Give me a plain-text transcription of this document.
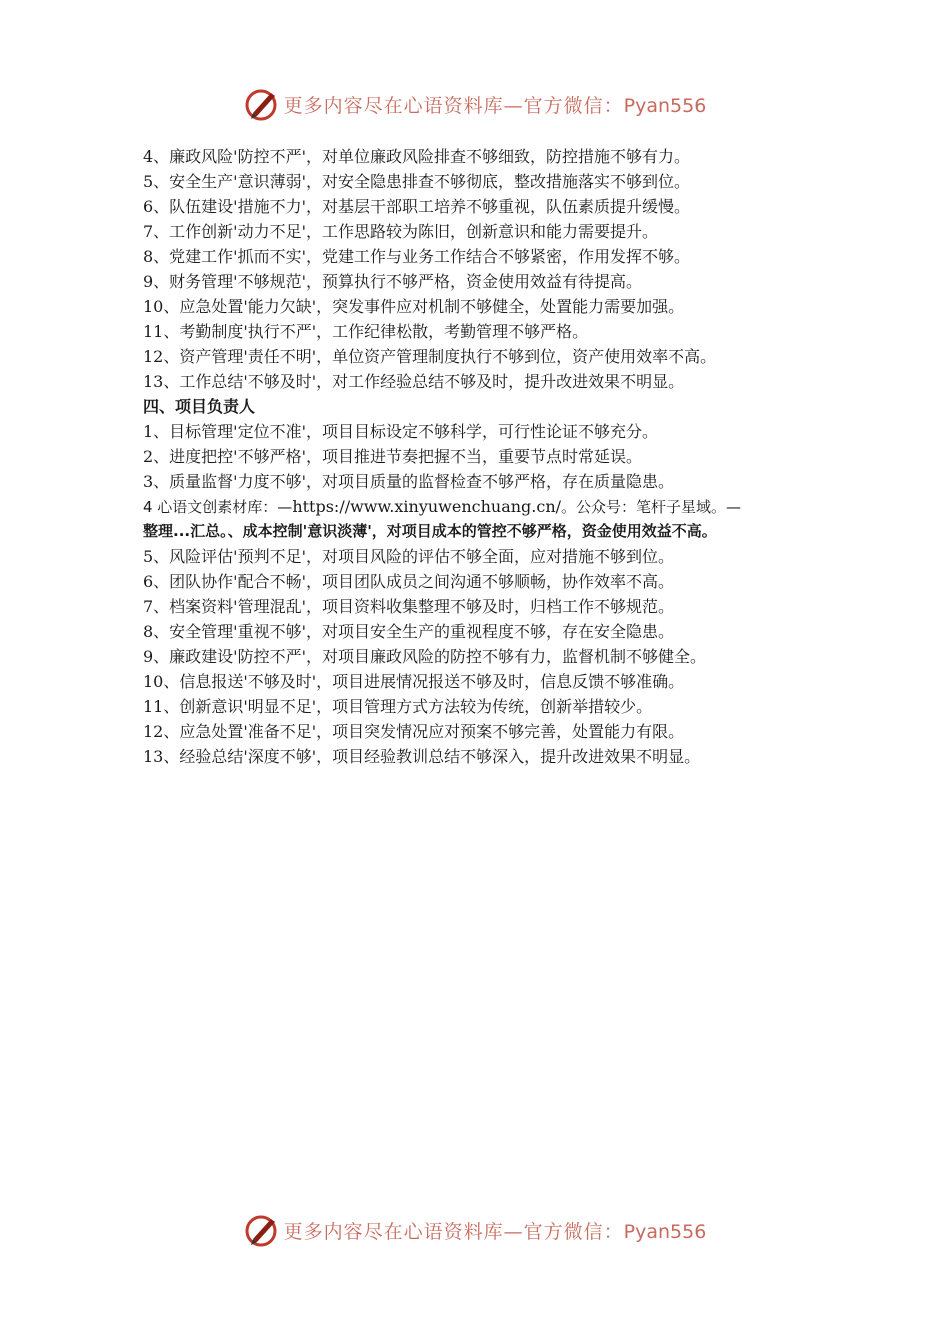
更多内容尽在心语资料库—官方微信：Pyan556
4、廉政风险'防控不严'，对单位廉政风险排查不够细致，防控措施不够有力。
5、安全生产'意识薄弱'，对安全隐患排查不够彻底，整改措施落实不够到位。
6、队伍建设'措施不力'，对基层干部职工培养不够重视，队伍素质提升缓慢。
7、工作创新'动力不足'，工作思路较为陈旧，创新意识和能力需要提升。
8、党建工作'抓而不实'，党建工作与业务工作结合不够紧密，作用发挥不够。
9、财务管理'不够规范'，预算执行不够严格，资金使用效益有待提高。
10、应急处置'能力欠缺'，突发事件应对机制不够健全，处置能力需要加强。
11、考勤制度'执行不严'，工作纪律松散，考勤管理不够严格。
12、资产管理'责任不明'，单位资产管理制度执行不够到位，资产使用效率不高。
13、工作总结'不够及时'，对工作经验总结不够及时，提升改进效果不明显。
四、项目负责人
1、目标管理'定位不准'，项目目标设定不够科学，可行性论证不够充分。
2、进度把控'不够严格'，项目推进节奏把握不当，重要节点时常延误。
3、质量监督'力度不够'，对项目质量的监督检查不够严格，存在质量隐患。
4 心语文创素材库：—https://www.xinyuwenchuang.cn/。公众号：笔杆子星域。—
整理...汇总。、成本控制'意识淡薄'，对项目成本的管控不够严格，资金使用效益不高。
5、风险评估'预判不足'，对项目风险的评估不够全面，应对措施不够到位。
6、团队协作'配合不畅'，项目团队成员之间沟通不够顺畅，协作效率不高。
7、档案资料'管理混乱'，项目资料收集整理不够及时，归档工作不够规范。
8、安全管理'重视不够'，对项目安全生产的重视程度不够，存在安全隐患。
9、廉政建设'防控不严'，对项目廉政风险的防控不够有力，监督机制不够健全。
10、信息报送'不够及时'，项目进展情况报送不够及时，信息反馈不够准确。
11、创新意识'明显不足'，项目管理方式方法较为传统，创新举措较少。
12、应急处置'准备不足'，项目突发情况应对预案不够完善，处置能力有限。
13、经验总结'深度不够'，项目经验教训总结不够深入，提升改进效果不明显。
更多内容尽在心语资料库—官方微信：Pyan556
